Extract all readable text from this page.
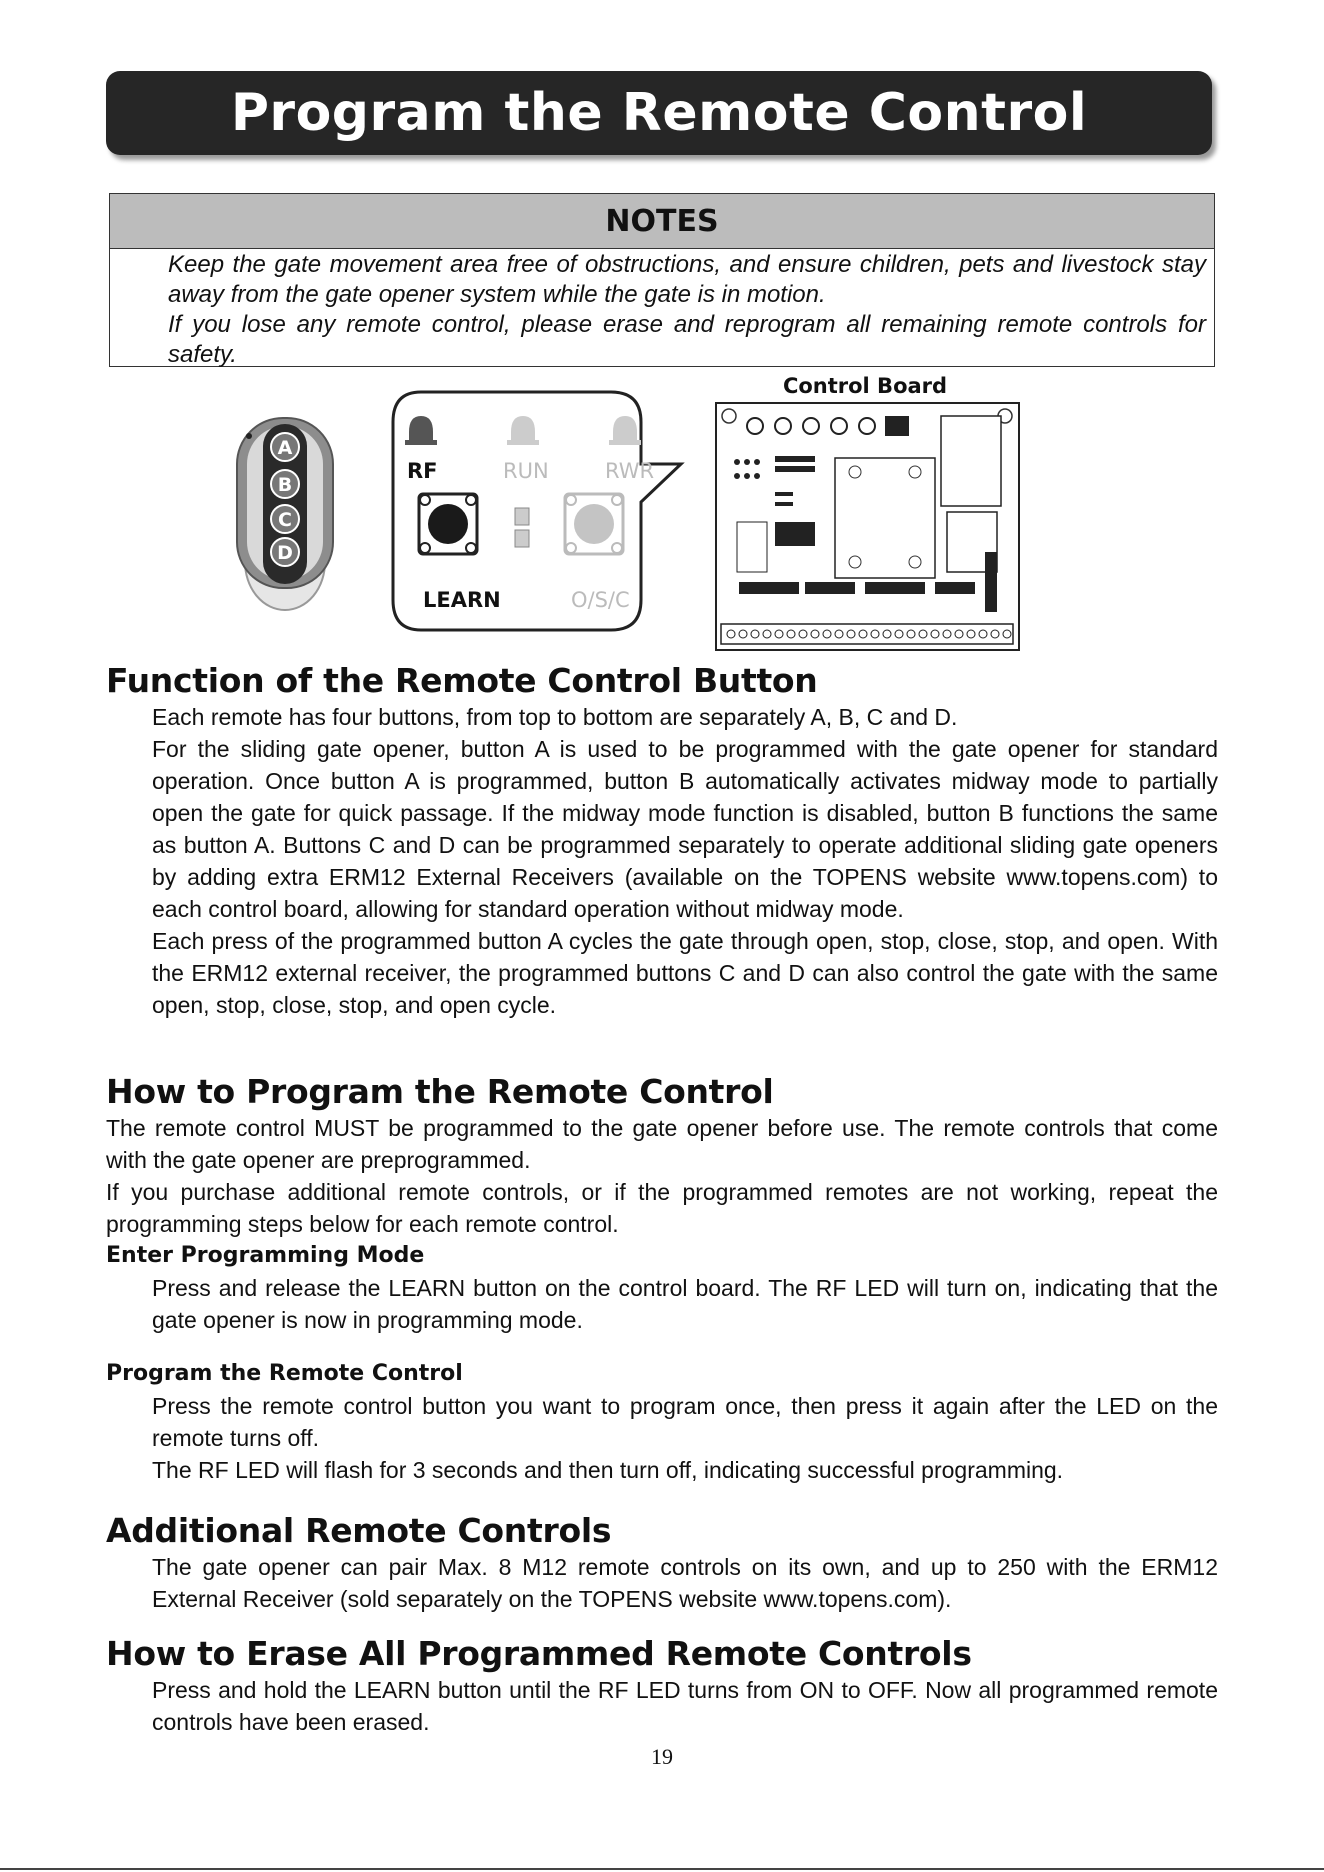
Program the Remote Control
NOTES

Keep the gate movement area free of obstructions, and ensure children, pets and livestock stay away from the gate opener system while the gate is in motion.

If you lose any remote control, please erase and reprogram all remaining remote controls for safety.

A
B
C
D
RF	RUN	RWR
LEARN	O/S/C
Control Board
Function of the Remote Control Button

Each remote has four buttons, from top to bottom are separately A, B, C and D.

For the sliding gate opener, button A is used to be programmed with the gate opener for standard operation. Once button A is programmed, button B automatically activates midway mode to partially open the gate for quick passage. If the midway mode function is disabled, button B functions the same as button A. Buttons C and D can be programmed separately to operate additional sliding gate openers by adding extra ERM12 External Receivers (available on the TOPENS website www.topens.com) to each control board, allowing for standard operation without midway mode.

Each press of the programmed button A cycles the gate through open, stop, close, stop, and open. With the ERM12 external receiver, the programmed buttons C and D can also control the gate with the same open, stop, close, stop, and open cycle.

How to Program the Remote Control

The remote control MUST be programmed to the gate opener before use. The remote controls that come with the gate opener are preprogrammed.

If you purchase additional remote controls, or if the programmed remotes are not working, repeat the programming steps below for each remote control.

Enter Programming Mode

Press and release the LEARN button on the control board. The RF LED will turn on, indicating that the gate opener is now in programming mode.

Program the Remote Control

Press the remote control button you want to program once, then press it again after the LED on the remote turns off.

The RF LED will flash for 3 seconds and then turn off, indicating successful programming.

Additional Remote Controls

The gate opener can pair Max. 8 M12 remote controls on its own, and up to 250 with the ERM12 External Receiver (sold separately on the TOPENS website www.topens.com).

How to Erase All Programmed Remote Controls

Press and hold the LEARN button until the RF LED turns from ON to OFF. Now all programmed remote controls have been erased.

19
